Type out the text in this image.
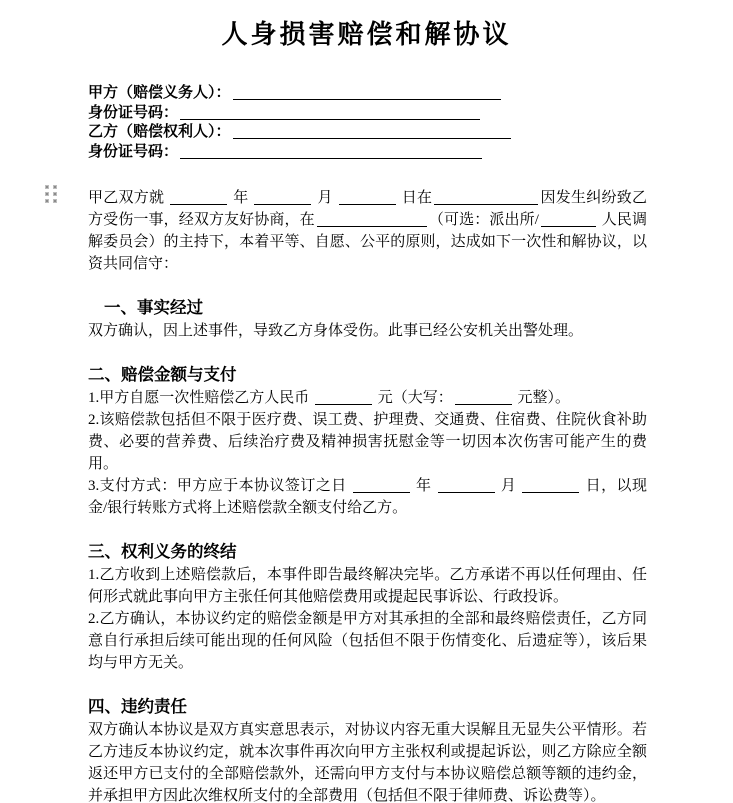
人身损害赔偿和解协议
甲方（赔偿义务人）：
身份证号码：
乙方（赔偿权利人）：
身份证号码：
甲乙双方就	年	月	日在	因发生纠纷致乙方受伤一事，经双方友好协商，在	（可选：派出所/	人民调解委员会）的主持下，本着平等、自愿、公平的原则，达成如下一次性和解协议，以资共同信守：
一、事实经过
双方确认，因上述事件，导致乙方身体受伤。此事已经公安机关出警处理。
二、赔偿金额与支付
1.甲方自愿一次性赔偿乙方人民币	元（大写：	元整）。
2.该赔偿款包括但不限于医疗费、误工费、护理费、交通费、住宿费、住院伙食补助费、必要的营养费、后续治疗费及精神损害抚慰金等一切因本次伤害可能产生的费用。
3.支付方式：甲方应于本协议签订之日	年	月	日，以现金/银行转账方式将上述赔偿款全额支付给乙方。
三、权利义务的终结
1.乙方收到上述赔偿款后，本事件即告最终解决完毕。乙方承诺不再以任何理由、任何形式就此事向甲方主张任何其他赔偿费用或提起民事诉讼、行政投诉。
2.乙方确认，本协议约定的赔偿金额是甲方对其承担的全部和最终赔偿责任，乙方同意自行承担后续可能出现的任何风险（包括但不限于伤情变化、后遗症等），该后果均与甲方无关。
四、违约责任
双方确认本协议是双方真实意思表示，对协议内容无重大误解且无显失公平情形。若乙方违反本协议约定，就本次事件再次向甲方主张权利或提起诉讼，则乙方除应全额返还甲方已支付的全部赔偿款外，还需向甲方支付与本协议赔偿总额等额的违约金，并承担甲方因此次维权所支付的全部费用（包括但不限于律师费、诉讼费等）。
